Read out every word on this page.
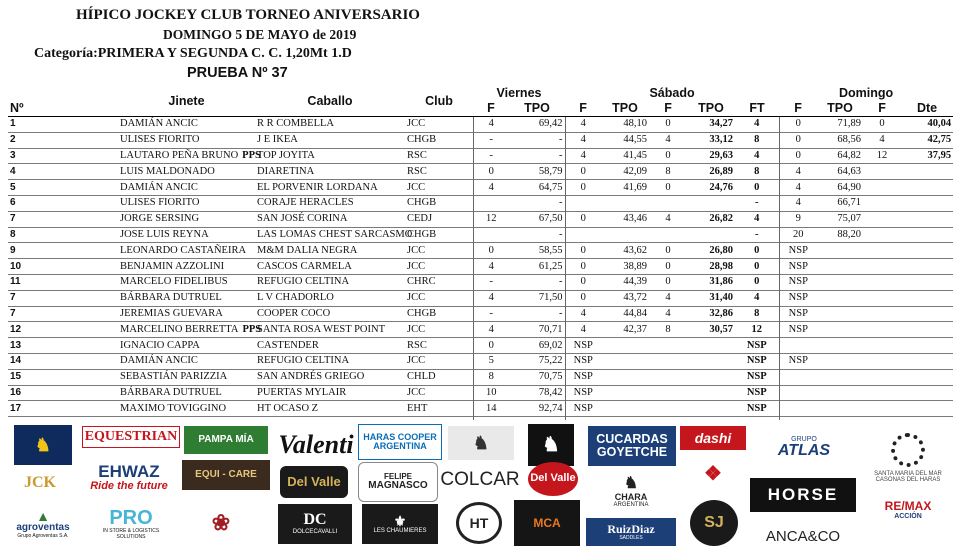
HÍPICO JOCKEY CLUB TORNEO ANIVERSARIO
DOMINGO 5 DE MAYO de 2019
Categoría:PRIMERA Y SEGUNDA C. C. 1,20Mt 1.D
PRUEBA Nº 37
Nº	Jinete	Caballo	Club	Viernes		Sábado					Domingo			
				F	TPO	F	TPO	F	TPO	FT	F	TPO	F	Dte
1	DAMIÁN ANCIC	R R COMBELLA	JCC	4	69,42	4	48,10	0	34,27	4	0	71,89	0	40,04
2	ULISES FIORITO	J E IKEA	CHGB	-	-	4	44,55	4	33,12	8	0	68,56	4	42,75
3	LAUTARO PEÑA BRUNO PPS	TOP JOYITA	RSC	-	-	4	41,45	0	29,63	4	0	64,82	12	37,95
4	LUIS MALDONADO	DIARETINA	RSC	0	58,79	0	42,09	8	26,89	8	4	64,63		
5	DAMIÁN ANCIC	EL PORVENIR LORDANA	JCC	4	64,75	0	41,69	0	24,76	0	4	64,90		
6	ULISES FIORITO	CORAJE HERACLES	CHGB		-					-	4	66,71		
7	JORGE SERSING	SAN JOSÉ CORINA	CEDJ	12	67,50	0	43,46	4	26,82	4	9	75,07		
8	JOSE LUIS REYNA	LAS LOMAS CHEST SARCASMO	CHGB		-					-	20	88,20		
9	LEONARDO CASTAÑEIRA	M&M DALIA NEGRA	JCC	0	58,55	0	43,62	0	26,80	0	NSP			
10	BENJAMIN AZZOLINI	CASCOS CARMELA	JCC	4	61,25	0	38,89	0	28,98	0	NSP			
11	MARCELO FIDELIBUS	REFUGIO CELTINA	CHRC	-	-	0	44,39	0	31,86	0	NSP			
7	BÁRBARA DUTRUEL	L V CHADORLO	JCC	4	71,50	0	43,72	4	31,40	4	NSP			
7	JEREMIAS GUEVARA	COOPER COCO	CHGB	-	-	4	44,84	4	32,86	8	NSP			
12	MARCELINO BERRETTA PPS	SANTA ROSA WEST POINT	JCC	4	70,71	4	42,37	8	30,57	12	NSP			
13	IGNACIO CAPPA	CASTENDER	RSC	0	69,02	NSP				NSP				
14	DAMIÁN ANCIC	REFUGIO CELTINA	JCC	5	75,22	NSP				NSP	NSP			
15	SEBASTIÁN PARIZZIA	SAN ANDRÉS GRIEGO	CHLD	8	70,75	NSP				NSP				
16	BÁRBARA DUTRUEL	PUERTAS MYLAIR	JCC	10	78,42	NSP				NSP				
17	MAXIMO TOVIGGINO	HT OCASO Z	EHT	14	92,74	NSP				NSP				

♞	EQUESTRIAN PAMPA MÍA Valenti HARAS COOPER
ARGENTINA	♞	♞	CUCARDAS
GOYETCHE
dashi	GRUPO
ATLAS
SANTA MARIA DEL MAR
CASONAS DEL HARAS
JCK
EHWAZ
Ride the future
EQUI - CARE Del Valle	FELIPE
MAGNASCO COLCAR Del Valle	♞
CHARA
ARGENTINA
❖
HORSE
RE/MAX
ACCIÓN
▲
agroventas
Grupo Agroventas S.A.
PRO
IN STORE & LOGISTICS SOLUTIONS
❀	DC
DOLCECAVALLI
⚜
LES CHAUMIERES
HT	MCA	RuizDiaz
SADDLES
SJ
ANCA&CO
